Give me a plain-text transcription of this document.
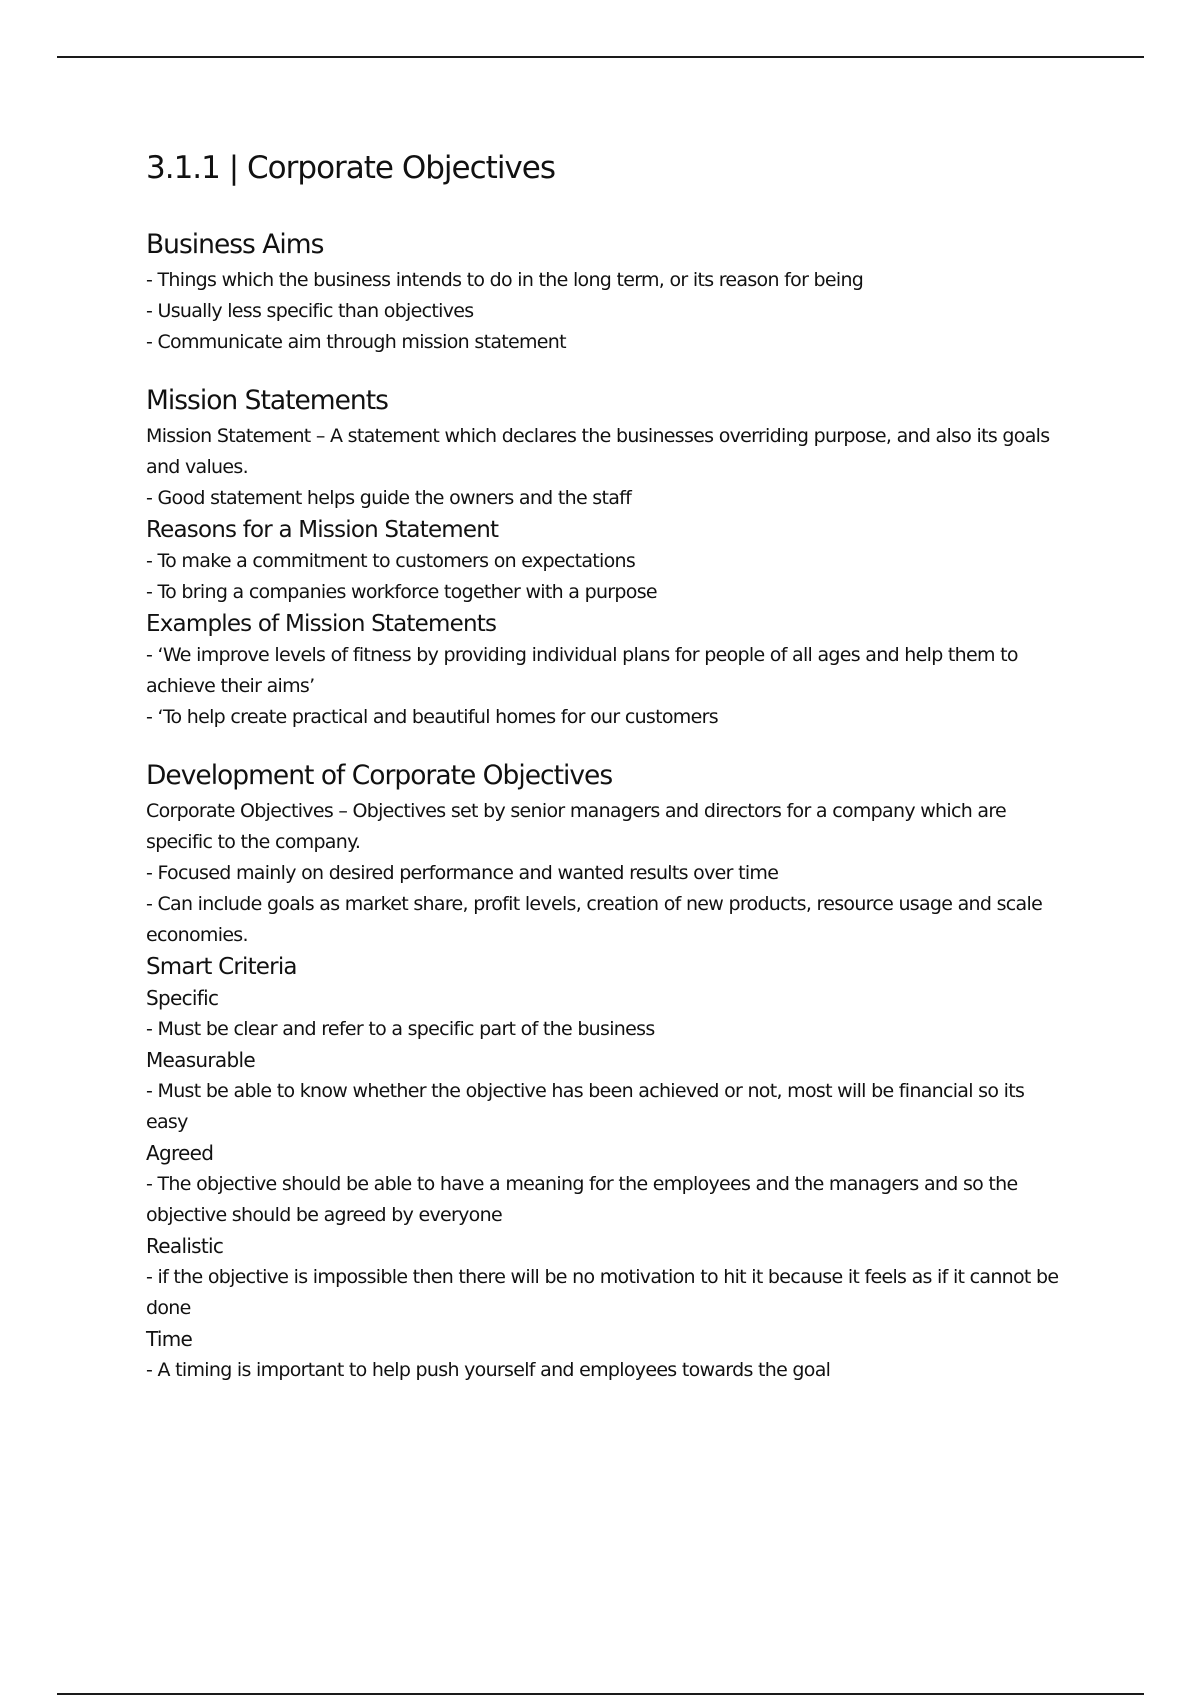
3.1.1 | Corporate Objectives
Business Aims

- Things which the business intends to do in the long term, or its reason for being

- Usually less specific than objectives

- Communicate aim through mission statement

Mission Statements

Mission Statement – A statement which declares the businesses overriding purpose, and also its goals and values.

- Good statement helps guide the owners and the staff

Reasons for a Mission Statement

- To make a commitment to customers on expectations

- To bring a companies workforce together with a purpose

Examples of Mission Statements

- ‘We improve levels of fitness by providing individual plans for people of all ages and help them to achieve their aims’

- ‘To help create practical and beautiful homes for our customers

Development of Corporate Objectives

Corporate Objectives – Objectives set by senior managers and directors for a company which are specific to the company.

- Focused mainly on desired performance and wanted results over time

- Can include goals as market share, profit levels, creation of new products, resource usage and scale economies.

Smart Criteria

Specific

- Must be clear and refer to a specific part of the business

Measurable

- Must be able to know whether the objective has been achieved or not, most will be financial so its easy

Agreed

- The objective should be able to have a meaning for the employees and the managers and so the objective should be agreed by everyone

Realistic

- if the objective is impossible then there will be no motivation to hit it because it feels as if it cannot be done

Time

- A timing is important to help push yourself and employees towards the goal
